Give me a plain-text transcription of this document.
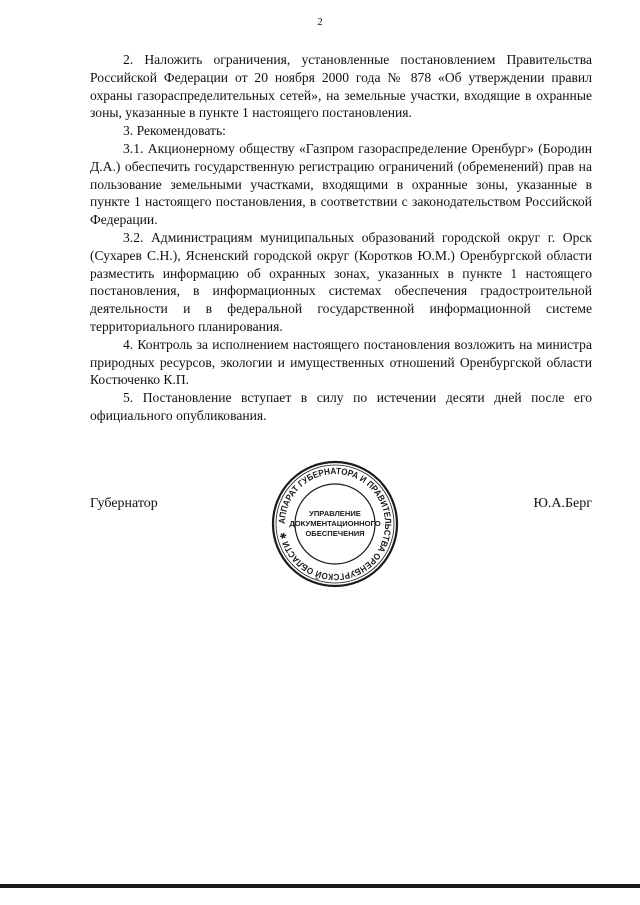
2

2. Наложить ограничения, установленные постановлением Правительства Российской Федерации от 20 ноября 2000 года № 878 «Об утверждении правил охраны газораспределительных сетей», на земельные участки, входящие в охранные зоны, указанные в пункте 1 настоящего постановления.

3. Рекомендовать:

3.1. Акционерному обществу «Газпром газораспределение Оренбург» (Бородин Д.А.) обеспечить государственную регистрацию ограничений (обременений) прав на пользование земельными участками, входящими в охранные зоны, указанные в пункте 1 настоящего постановления, в соответствии с законодательством Российской Федерации.

3.2. Администрациям муниципальных образований городской округ г. Орск (Сухарев С.Н.), Ясненский городской округ (Коротков Ю.М.) Оренбургской области разместить информацию об охранных зонах, указанных в пункте 1 настоящего постановления, в информационных системах обеспечения градостроительной деятельности и в федеральной государственной информационной системе территориального планирования.

4. Контроль за исполнением настоящего постановления возложить на министра природных ресурсов, экологии и имущественных отношений Оренбургской области Костюченко К.П.

5. Постановление вступает в силу по истечении десяти дней после его официального опубликования.

Губернатор	Ю.А.Берг
АППАРАТ ГУБЕРНАТОРА И ПРАВИТЕЛЬСТВА ОРЕНБУРГСКОЙ ОБЛАСТИ ✱
УПРАВЛЕНИЕ
ДОКУМЕНТАЦИОННОГО
ОБЕСПЕЧЕНИЯ
